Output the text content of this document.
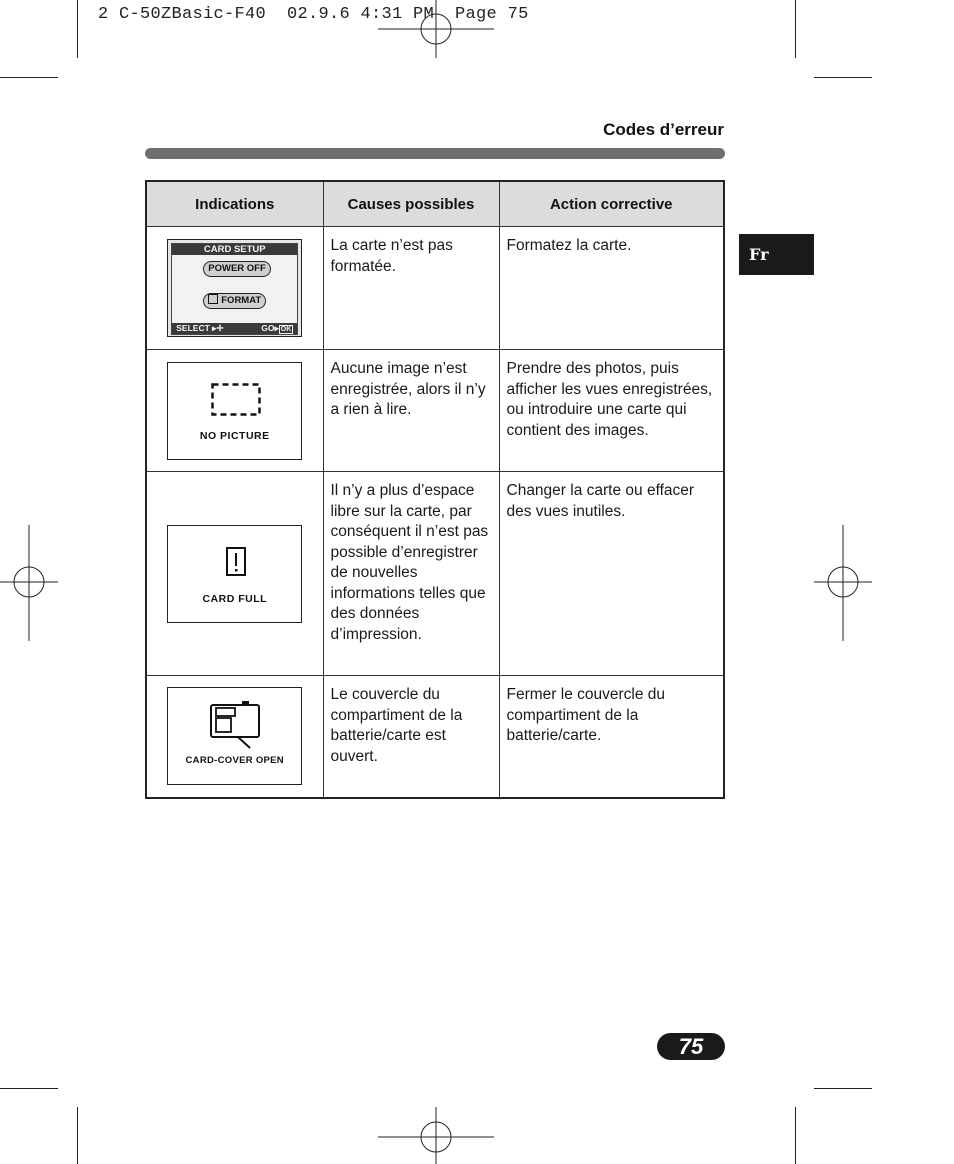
2 C-50ZBasic-F40  02.9.6 4:31 PM  Page 75
Codes d’erreur
Fr
Indications	Causes possibles	Action corrective

CARD SETUP
POWER OFF
FORMAT
SELECT ▸✛ GO▸ OK	La carte n’est pas formatée.	Formatez la carte.

NO PICTURE	Aucune image n’est enregistrée, alors il n’y a rien à lire.	Prendre des photos, puis afficher les vues enregistrées, ou introduire une carte qui contient des images.

CARD FULL	Il n’y a plus d’espace libre sur la carte, par conséquent il n’est pas possible d’enregistrer de nouvelles informations telles que des données d’impression.	Changer la carte ou effacer des vues inutiles.

CARD-COVER OPEN	Le couvercle du compartiment de la batterie/carte est ouvert.	Fermer le couvercle du compartiment de la batterie/carte.
75
